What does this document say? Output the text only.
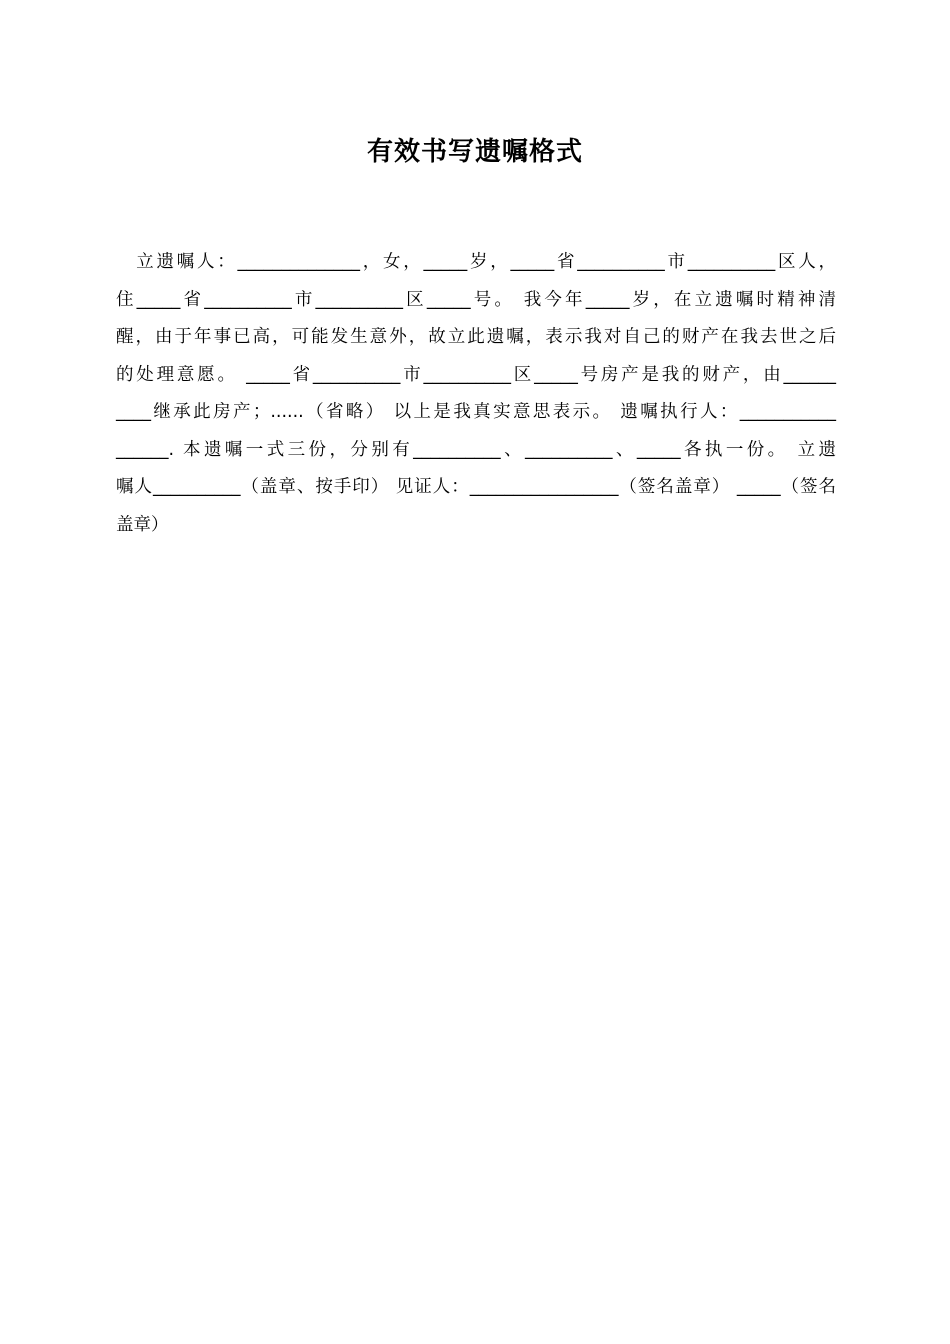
有效书写遗嘱格式
　立遗嘱人：______________，女，_____岁，_____省__________市__________区人，
住_____省__________市__________区_____号。 我今年_____岁，在立遗嘱时精神清
醒，由于年事已高，可能发生意外，故立此遗嘱，表示我对自己的财产在我去世之后
的处理意愿。 _____省__________市__________区_____号房产是我的财产，由______
____继承此房产；......（省略） 以上是我真实意思表示。 遗嘱执行人：___________
______. 本遗嘱一式三份，分别有__________、__________、_____各执一份。 立遗
嘱人__________（盖章、按手印） 见证人：_________________（签名盖章） _____（签名
盖章）
